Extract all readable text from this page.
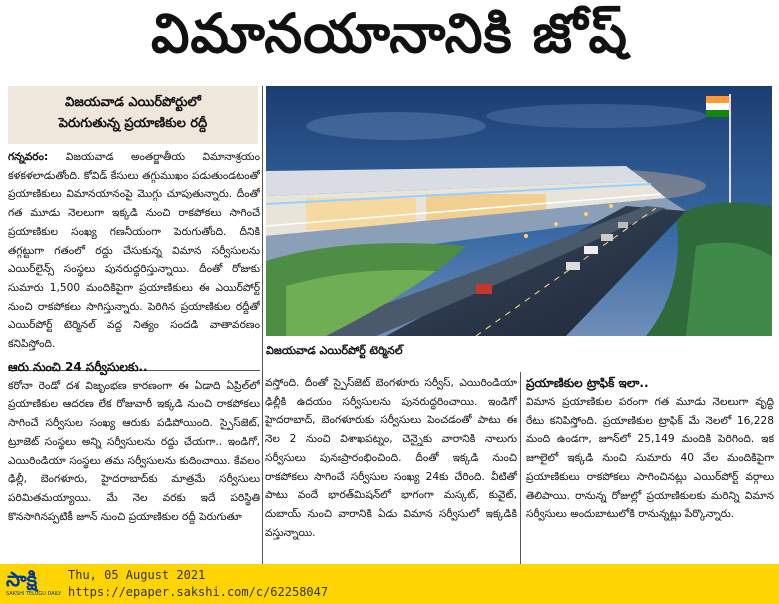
విమానయానానికి జోష్‌
విజయవాడ ఎయిర్‌పోర్టులో
పెరుగుతున్న ప్రయాణికుల రద్దీ

గన్నవరం: విజయవాడ అంతర్జాతీయ విమానాశ్రయం కళకళలాడుతోంది. కోవిడ్‌ కేసులు తగ్గుముఖం పడుతుండటంతో ప్రయాణికులు విమానయానంపై మొగ్గు చూపుతున్నారు. దీంతో గత మూడు నెలలుగా ఇక్కడి నుంచి రాకపోకలు సాగించే ప్రయాణికుల సంఖ్య గణనీయంగా పెరుగుతోంది. దీనికి తగ్గట్టుగా గతంలో రద్దు చేసుకున్న విమాన సర్వీసులను ఎయిర్‌లైన్స్‌ సంస్థలు పునరుద్ధరిస్తున్నాయి. దీంతో రోజుకు సుమారు 1,500 మందికిపైగా ప్రయాణికులు ఈ ఎయిర్‌పోర్ట్‌ నుంచి రాకపోకలు సాగిస్తున్నారు. పెరిగిన ప్రయాణికుల రద్దీతో ఎయిర్‌పోర్ట్‌ టెర్మినల్‌ వద్ద నిత్యం సందడి వాతావరణం కనిపిస్తోంది.

ఆరు నుంచి 24 సర్వీసులకు..

కరోనా రెండో దశ విజృంభణ కారణంగా ఈ ఏడాది ఏప్రిల్‌లో ప్రయాణికుల ఆదరణ లేక రోజువారీ ఇక్కడి నుంచి రాకపోకలు సాగించే సర్వీసుల సంఖ్య ఆరుకు పడిపోయింది. స్పైస్‌జెట్‌, ట్రూజెట్‌ సంస్థలు అన్ని సర్వీసులను రద్దు చేయగా.. ఇండిగో, ఎయిరిండియా సంస్థలు తమ సర్వీసులను కుదించాయి. కేవలం ఢిల్లీ, బెంగళూరు, హైదరాబాద్‌కు మాత్రమే సర్వీసులు పరిమితమయ్యాయి. మే నెల వరకు ఇదే పరిస్థితి కొనసాగినప్పటికీ జూన్‌ నుంచి ప్రయాణికుల రద్దీ పెరుగుతూ

విజయవాడ ఎయిర్‌పోర్ట్‌ టెర్మినల్‌

వస్తోంది. దీంతో స్పైస్‌జెట్‌ బెంగళూరు సర్వీస్‌, ఎయిరిండియా ఢిల్లీకి ఉదయం సర్వీసులను పునరుద్ధరించాయి. ఇండిగో హైదరాబాద్‌, బెంగళూరుకు సర్వీసులు పెంచడంతో పాటు ఈ నెల 2 నుంచి విశాఖపట్నం, చెన్నైకు వారానికి నాలుగు సర్వీసులు పునఃప్రారంభించింది. దీంతో ఇక్కడి నుంచి రాకపోకలు సాగించే సర్వీసుల సంఖ్య 24కు చేరింది. వీటితో పాటు వందే భారత్‌మిషన్‌లో భాగంగా మస్కట్‌, కువైట్‌, దుబాయ్‌ నుంచి వారానికి ఏడు విమాన సర్వీసులో ఇక్కడికి వస్తున్నాయి.

ప్రయాణికుల ట్రాఫిక్‌ ఇలా..

విమాన ప్రయాణికుల పరంగా గత మూడు నెలలుగా వృద్ధి రేటు కనిపిస్తోంది. ప్రయాణికుల ట్రాఫిక్‌ మే నెలలో 16,228 మంది ఉండగా, జూన్‌లో 25,149 మందికి పెరిగింది. ఇక జూలైలో ఇక్కడి నుంచి సుమారు 40 వేల మందికిపైగా ప్రయాణికులు రాకపోకలు సాగించినట్లు ఎయిర్‌పోర్ట్‌ వర్గాలు తెలిపాయి. రానున్న రోజుల్లో ప్రయాణికులకు మరిన్ని విమాన సర్వీసులు అందుబాటులోకి రానున్నట్లు పేర్కొన్నారు.

సాక్షి
SAKSHI TELUGU DAILY
Thu, 05 August 2021
https://epaper.sakshi.com/c/62258047
